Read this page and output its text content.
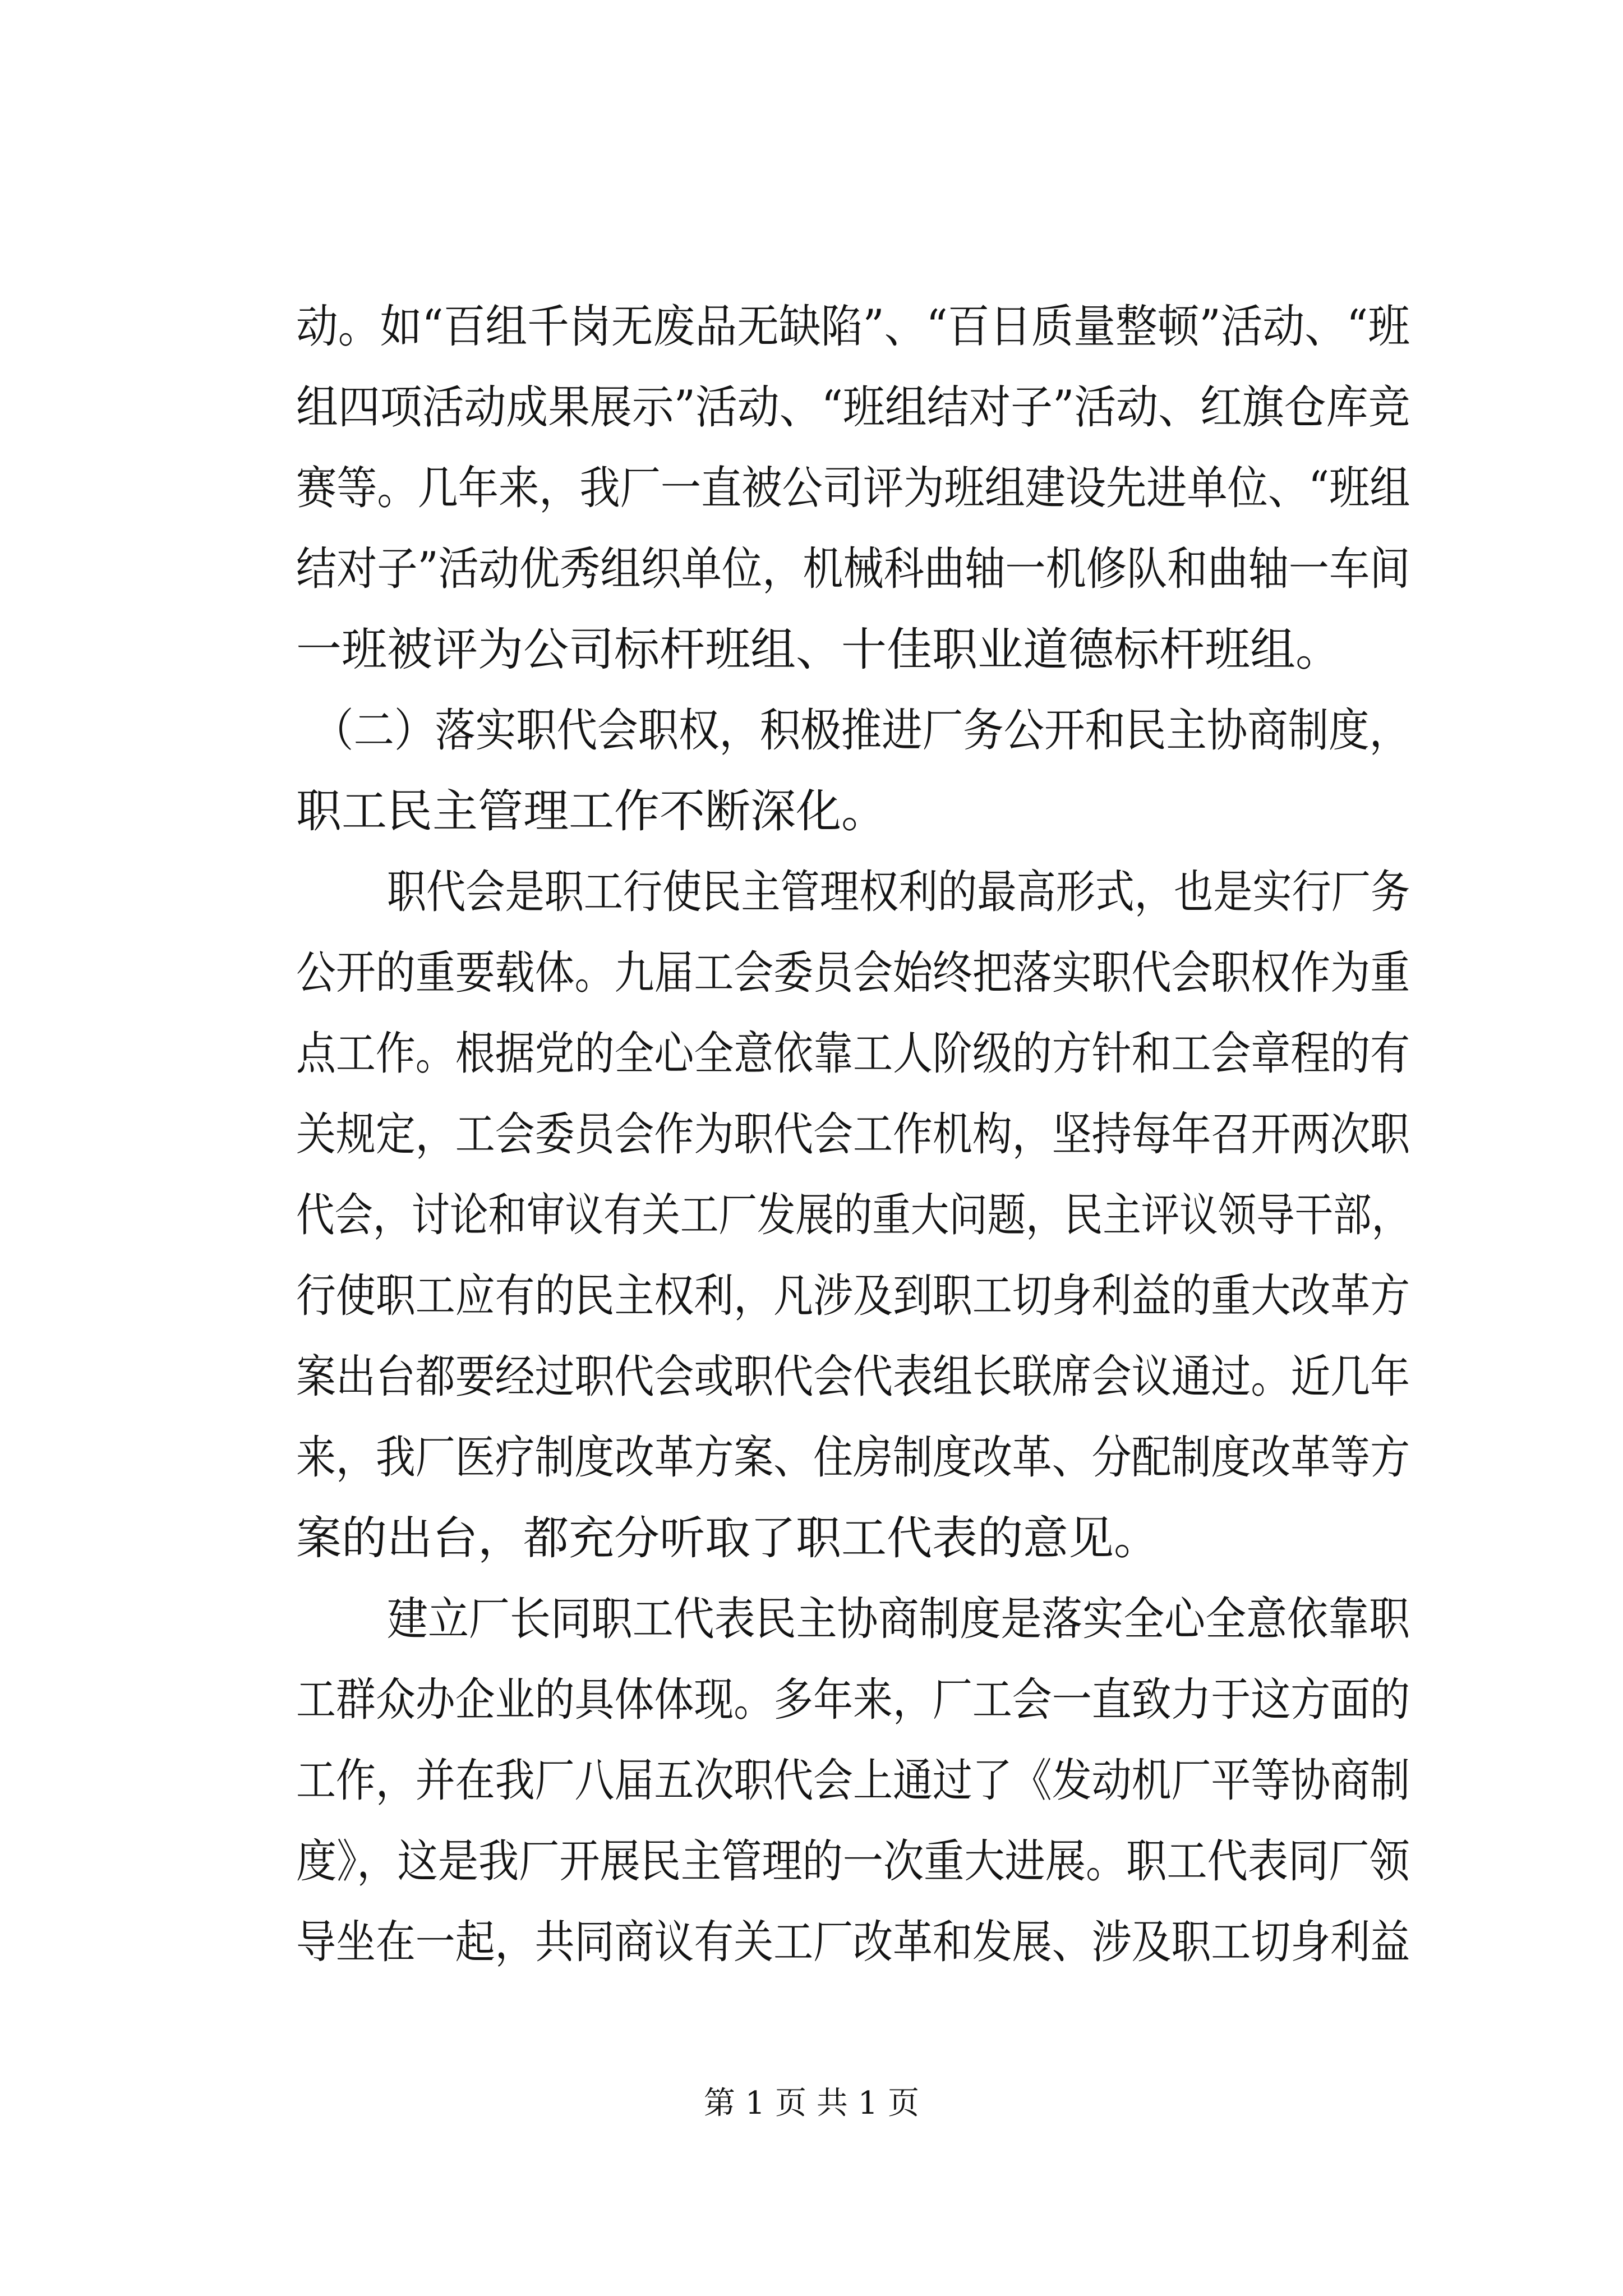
动。如“百组千岗无废品无缺陷”、“百日质量整顿”活动、“班
组四项活动成果展示”活动、“班组结对子”活动、红旗仓库竞
赛等。几年来，我厂一直被公司评为班组建设先进单位、“班组
结对子”活动优秀组织单位，机械科曲轴一机修队和曲轴一车间
一班被评为公司标杆班组、十佳职业道德标杆班组。
（二）落实职代会职权，积极推进厂务公开和民主协商制度，
职工民主管理工作不断深化。
职代会是职工行使民主管理权利的最高形式，也是实行厂务
公开的重要载体。九届工会委员会始终把落实职代会职权作为重
点工作。根据党的全心全意依靠工人阶级的方针和工会章程的有
关规定，工会委员会作为职代会工作机构，坚持每年召开两次职
代会，讨论和审议有关工厂发展的重大问题，民主评议领导干部，
行使职工应有的民主权利，凡涉及到职工切身利益的重大改革方
案出台都要经过职代会或职代会代表组长联席会议通过。近几年
来，我厂医疗制度改革方案、住房制度改革、分配制度改革等方
案的出台，都充分听取了职工代表的意见。
建立厂长同职工代表民主协商制度是落实全心全意依靠职
工群众办企业的具体体现。多年来，厂工会一直致力于这方面的
工作，并在我厂八届五次职代会上通过了《发动机厂平等协商制
度》，这是我厂开展民主管理的一次重大进展。职工代表同厂领
导坐在一起，共同商议有关工厂改革和发展、涉及职工切身利益
第 1 页 共 1 页
